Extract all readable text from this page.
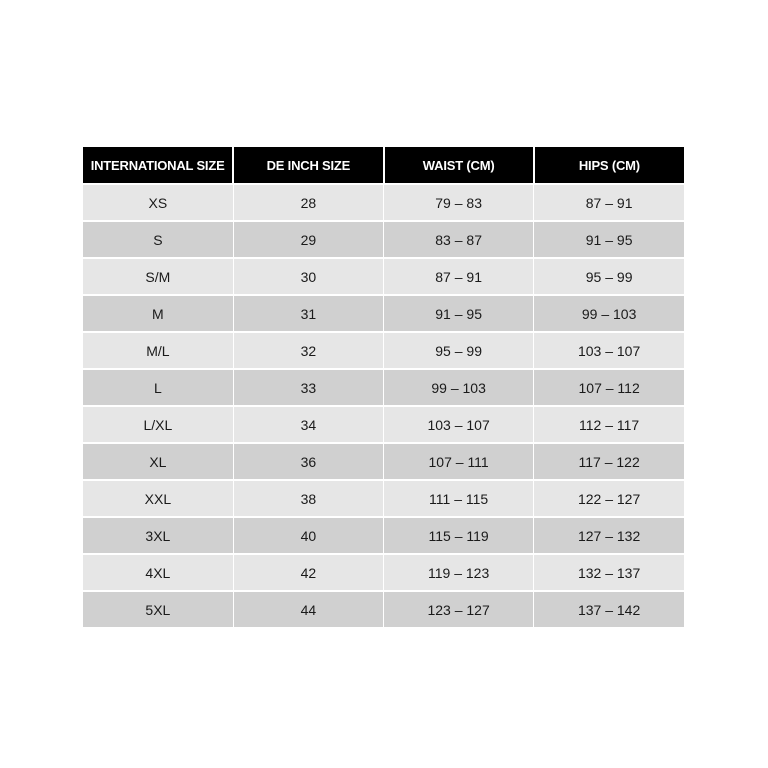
INTERNATIONAL SIZE	DE INCH SIZE	WAIST (CM)	HIPS (CM)
XS	28	79 – 83	87 – 91
S	29	83 – 87	91 – 95
S/M	30	87 – 91	95 – 99
M	31	91 – 95	99 – 103
M/L	32	95 – 99	103 – 107
L	33	99 – 103	107 – 112
L/XL	34	103 – 107	112 – 117
XL	36	107 – 111	117 – 122
XXL	38	111 – 115	122 – 127
3XL	40	115 – 119	127 – 132
4XL	42	119 – 123	132 – 137
5XL	44	123 – 127	137 – 142
